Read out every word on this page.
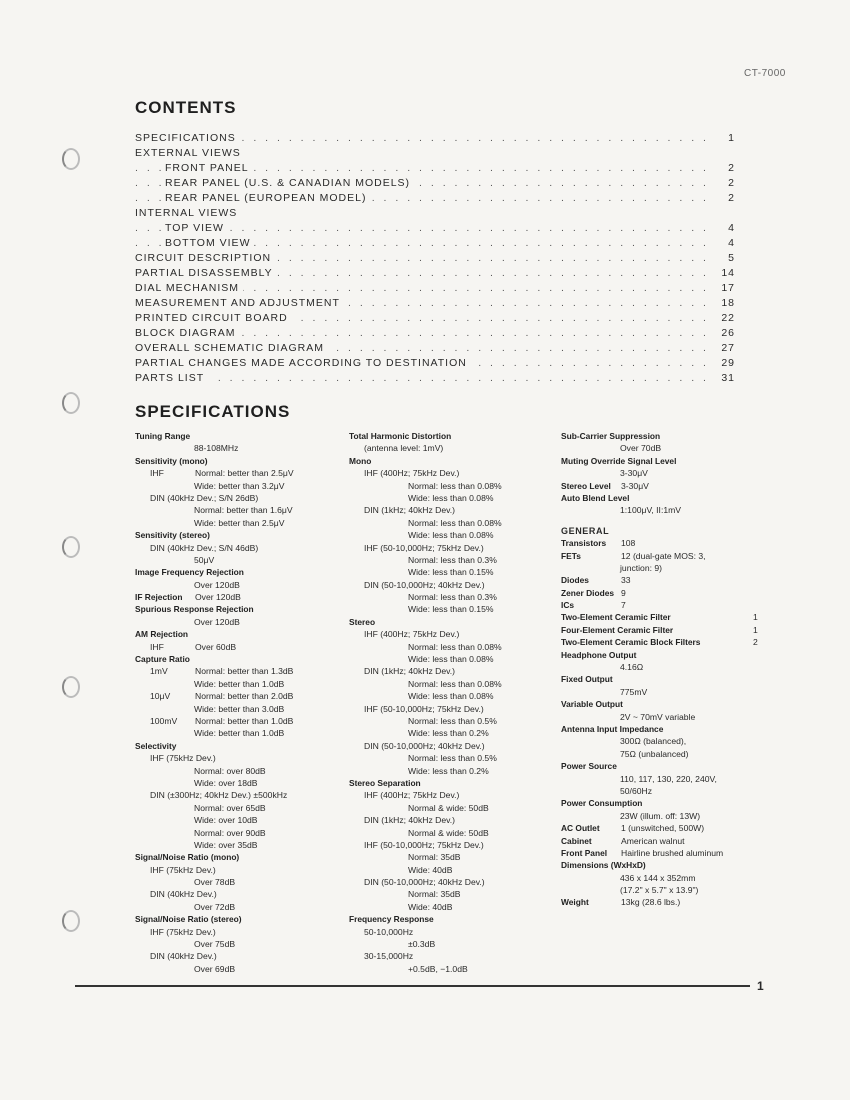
CT-7000
CONTENTS
. . .
SPECIFICATIONS	1
EXTERNAL VIEWS
. . .
FRONT PANEL	2
. . .
REAR PANEL (U.S. & CANADIAN MODELS)	2
. . .
REAR PANEL (EUROPEAN MODEL)	2
INTERNAL VIEWS
. . .
TOP VIEW	4
. . .
BOTTOM VIEW	4
. . .
CIRCUIT DESCRIPTION	5
. . .
PARTIAL DISASSEMBLY	14
. . .
DIAL MECHANISM	17
. . .
MEASUREMENT AND ADJUSTMENT	18
. . .
PRINTED CIRCUIT BOARD	22
. . .
BLOCK DIAGRAM	26
. . .
OVERALL SCHEMATIC DIAGRAM	27
. . .
PARTIAL CHANGES MADE ACCORDING TO DESTINATION	29
. . .
PARTS LIST	31
SPECIFICATIONS
Tuning Range
88-108MHz
Sensitivity (mono)
IHF	Normal: better than 2.5μV
Wide: better than 3.2μV
DIN (40kHz Dev.; S/N 26dB)
Normal: better than 1.6μV
Wide: better than 2.5μV
Sensitivity (stereo)
DIN (40kHz Dev.; S/N 46dB)
50μV
Image Frequency Rejection
Over 120dB
IF Rejection Over 120dB
Spurious Response Rejection
Over 120dB
AM Rejection
IHF	Over 60dB
Capture Ratio
1mV	Normal: better than 1.3dB
Wide: better than 1.0dB
10μV	Normal: better than 2.0dB
Wide: better than 3.0dB
100mV Normal: better than 1.0dB
Wide: better than 1.0dB
Selectivity
IHF (75kHz Dev.)
Normal: over 80dB
Wide: over 18dB
DIN (±300Hz; 40kHz Dev.) ±500kHz
Normal: over 65dB
Wide: over 10dB
Normal: over 90dB
Wide: over 35dB
Signal/Noise Ratio (mono)
IHF (75kHz Dev.)
Over 78dB
DIN (40kHz Dev.)
Over 72dB
Signal/Noise Ratio (stereo)
IHF (75kHz Dev.)
Over 75dB
DIN (40kHz Dev.)
Over 69dB
Total Harmonic Distortion
(antenna level: 1mV)
Mono
IHF (400Hz; 75kHz Dev.)
Normal: less than 0.08%
Wide: less than 0.08%
DIN (1kHz; 40kHz Dev.)
Normal: less than 0.08%
Wide: less than 0.08%
IHF (50-10,000Hz; 75kHz Dev.)
Normal: less than 0.3%
Wide: less than 0.15%
DIN (50-10,000Hz; 40kHz Dev.)
Normal: less than 0.3%
Wide: less than 0.15%
Stereo
IHF (400Hz; 75kHz Dev.)
Normal: less than 0.08%
Wide: less than 0.08%
DIN (1kHz; 40kHz Dev.)
Normal: less than 0.08%
Wide: less than 0.08%
IHF (50-10,000Hz; 75kHz Dev.)
Normal: less than 0.5%
Wide: less than 0.2%
DIN (50-10,000Hz; 40kHz Dev.)
Normal: less than 0.5%
Wide: less than 0.2%
Stereo Separation
IHF (400Hz; 75kHz Dev.)
Normal & wide: 50dB
DIN (1kHz; 40kHz Dev.)
Normal & wide: 50dB
IHF (50-10,000Hz; 75kHz Dev.)
Normal: 35dB
Wide: 40dB
DIN (50-10,000Hz; 40kHz Dev.)
Normal: 35dB
Wide: 40dB
Frequency Response
50-10,000Hz
±0.3dB
30-15,000Hz
+0.5dB, −1.0dB
Sub-Carrier Suppression
Over 70dB
Muting Override Signal Level
3-30μV
Stereo Level 3-30μV
Auto Blend Level
1:100μV, II:1mV
GENERAL
Transistors 108
FETs	12 (dual-gate MOS: 3,
junction: 9)
Diodes	33
Zener Diodes 9
ICs	7
Two-Element Ceramic Filter	1
Four-Element Ceramic Filter	1
Two-Element Ceramic Block Filters	2
Headphone Output
4.16Ω
Fixed Output
775mV
Variable Output
2V ~ 70mV variable
Antenna Input Impedance
300Ω (balanced),
75Ω (unbalanced)
Power Source
110, 117, 130, 220, 240V,
50/60Hz
Power Consumption
23W (illum. off: 13W)
AC Outlet 1 (unswitched, 500W)
Cabinet	American walnut
Front Panel Hairline brushed aluminum
Dimensions (WxHxD)
436 x 144 x 352mm
(17.2" x 5.7" x 13.9")
Weight	13kg (28.6 lbs.)
1
